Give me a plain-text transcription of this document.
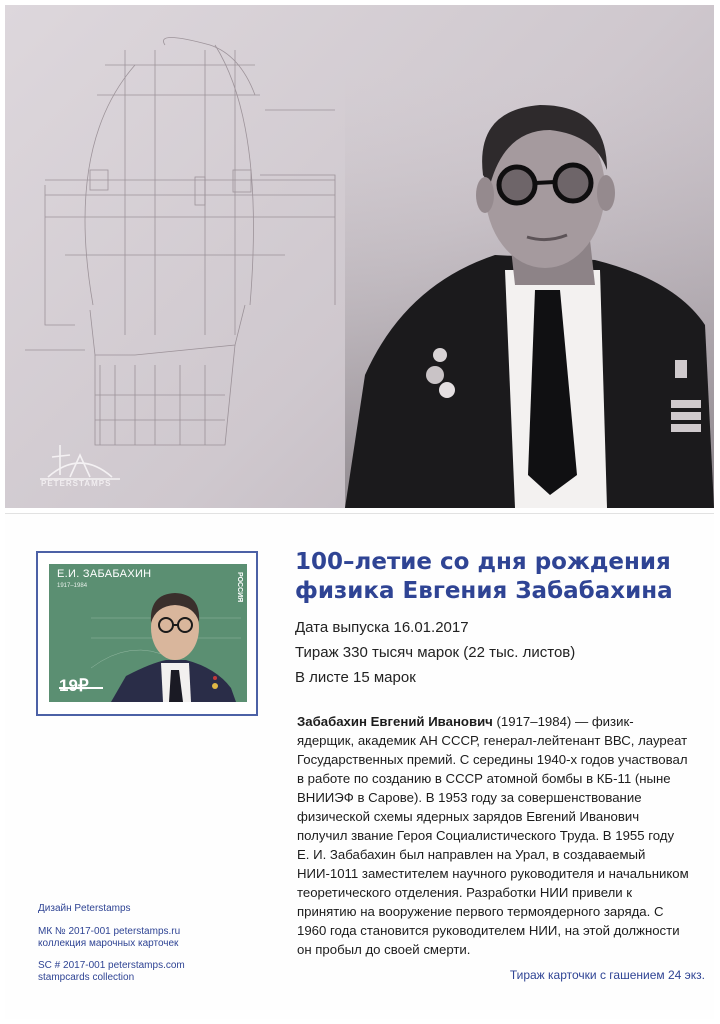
PETERSTAMPS
Е.И. ЗАБАБАХИН
1917–1984	РОССИЯ
19₽
100–летие со дня рождения физика Евгения Забабахина
Дата выпуска 16.01.2017
Тираж 330 тысяч марок (22 тыс. листов)
В листе 15 марок
Забабахин Евгений Иванович (1917–1984) — физик-ядерщик, академик АН СССР, генерал-лейтенант ВВС, лауреат Государственных премий. С середины 1940-х годов участвовал в работе по созданию в СССР атомной бомбы в КБ-11 (ныне ВНИИЭФ в Сарове). В 1953 году за совершенствование физической схемы ядерных зарядов Евгений Иванович получил звание Героя Социалистического Труда. В 1955 году Е. И. Забабахин был направлен на Урал, в создаваемый НИИ-1011 заместителем научного руководителя и начальником теоретического отделения. Разработки НИИ привели к принятию на вооружение первого термоядерного заряда. С 1960 года становится руководителем НИИ, на этой должности он пробыл до своей смерти.
Дизайн Peterstamps
МК № 2017-001 peterstamps.ru
коллекция марочных карточек
SC # 2017-001 peterstamps.com
stampcards collection	Тираж карточки с гашением 24 экз.
